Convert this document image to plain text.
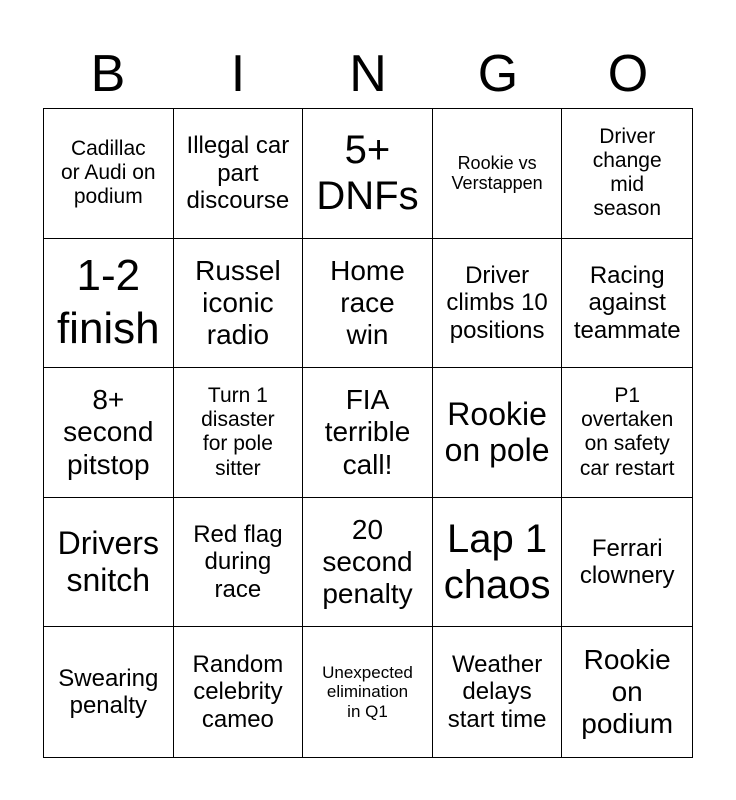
B	I	N	G	O
Cadillac
or Audi on
podium
Illegal car
part
discourse
5+
DNFs
Rookie vs
Verstappen
Driver
change
mid
season
1-2
finish
Russel
iconic
radio
Home
race
win
Driver
climbs 10
positions
Racing
against
teammate
8+
second
pitstop
Turn 1
disaster
for pole
sitter
FIA
terrible
call!
Rookie
on pole
P1
overtaken
on safety
car restart
Drivers
snitch
Red flag
during
race
20
second
penalty
Lap 1
chaos
Ferrari
clownery
Swearing
penalty
Random
celebrity
cameo
Unexpected
elimination
in Q1
Weather
delays
start time
Rookie
on
podium
